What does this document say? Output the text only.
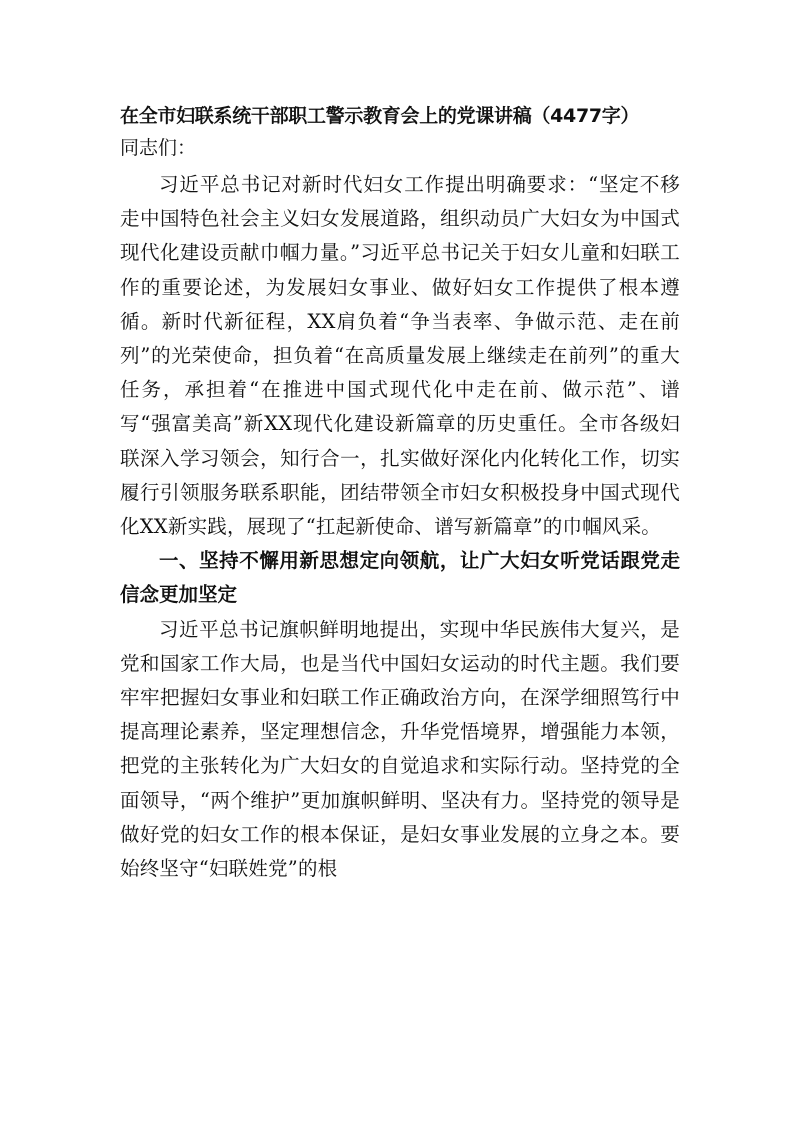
在全市妇联系统干部职工警示教育会上的党课讲稿（4477字）

同志们：

习近平总书记对新时代妇女工作提出明确要求：“坚定不移走中国特色社会主义妇女发展道路，组织动员广大妇女为中国式现代化建设贡献巾帼力量。”习近平总书记关于妇女儿童和妇联工作的重要论述，为发展妇女事业、做好妇女工作提供了根本遵循。新时代新征程，XX肩负着“争当表率、争做示范、走在前列”的光荣使命，担负着“在高质量发展上继续走在前列”的重大任务，承担着“在推进中国式现代化中走在前、做示范”、谱写“强富美高”新XX现代化建设新篇章的历史重任。全市各级妇联深入学习领会，知行合一，扎实做好深化内化转化工作，切实履行引领服务联系职能，团结带领全市妇女积极投身中国式现代化XX新实践，展现了“扛起新使命、谱写新篇章”的巾帼风采。

一、坚持不懈用新思想定向领航，让广大妇女听党话跟党走信念更加坚定

习近平总书记旗帜鲜明地提出，实现中华民族伟大复兴，是党和国家工作大局，也是当代中国妇女运动的时代主题。我们要牢牢把握妇女事业和妇联工作正确政治方向，在深学细照笃行中提高理论素养，坚定理想信念，升华党悟境界，增强能力本领，把党的主张转化为广大妇女的自觉追求和实际行动。坚持党的全面领导，“两个维护”更加旗帜鲜明、坚决有力。坚持党的领导是做好党的妇女工作的根本保证，是妇女事业发展的立身之本。要始终坚守“妇联姓党”的根
